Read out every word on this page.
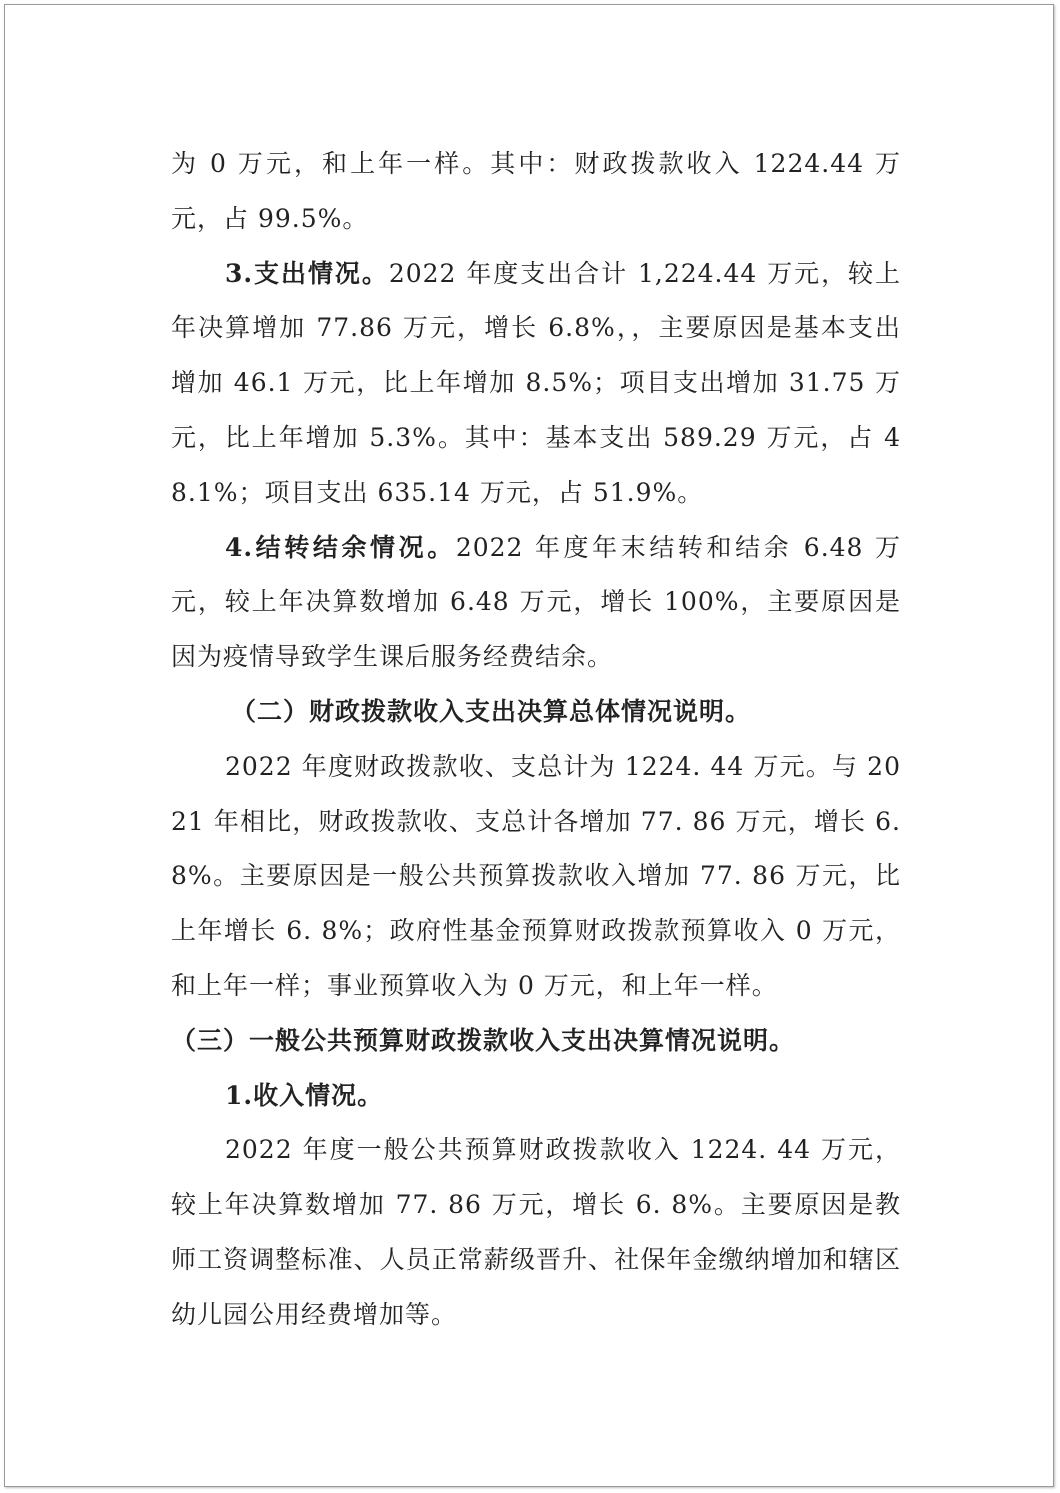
为 0 万元，和上年一样。其中：财政拨款收入 1224.44 万元，占 99.5%。

3.支出情况。2022 年度支出合计 1,224.44 万元，较上年决算增加 77.86 万元，增长 6.8%，，主要原因是基本支出增加 46.1 万元，比上年增加 8.5%；项目支出增加 31.75 万元，比上年增加 5.3%。其中：基本支出 589.29 万元，占 48.1%；项目支出 635.14 万元，占 51.9%。

4.结转结余情况。2022 年度年末结转和结余 6.48 万元，较上年决算数增加 6.48 万元，增长 100%，主要原因是因为疫情导致学生课后服务经费结余。

（二）财政拨款收入支出决算总体情况说明。

2022 年度财政拨款收、支总计为 1224. 44 万元。与 2021 年相比，财政拨款收、支总计各增加 77. 86 万元，增长 6. 8%。主要原因是一般公共预算拨款收入增加 77. 86 万元，比上年增长 6. 8%；政府性基金预算财政拨款预算收入 0 万元，和上年一样；事业预算收入为 0 万元，和上年一样。

（三）一般公共预算财政拨款收入支出决算情况说明。

1.收入情况。

2022 年度一般公共预算财政拨款收入 1224. 44 万元，较上年决算数增加 77. 86 万元，增长 6. 8%。主要原因是教师工资调整标准、人员正常薪级晋升、社保年金缴纳增加和辖区幼儿园公用经费增加等。
